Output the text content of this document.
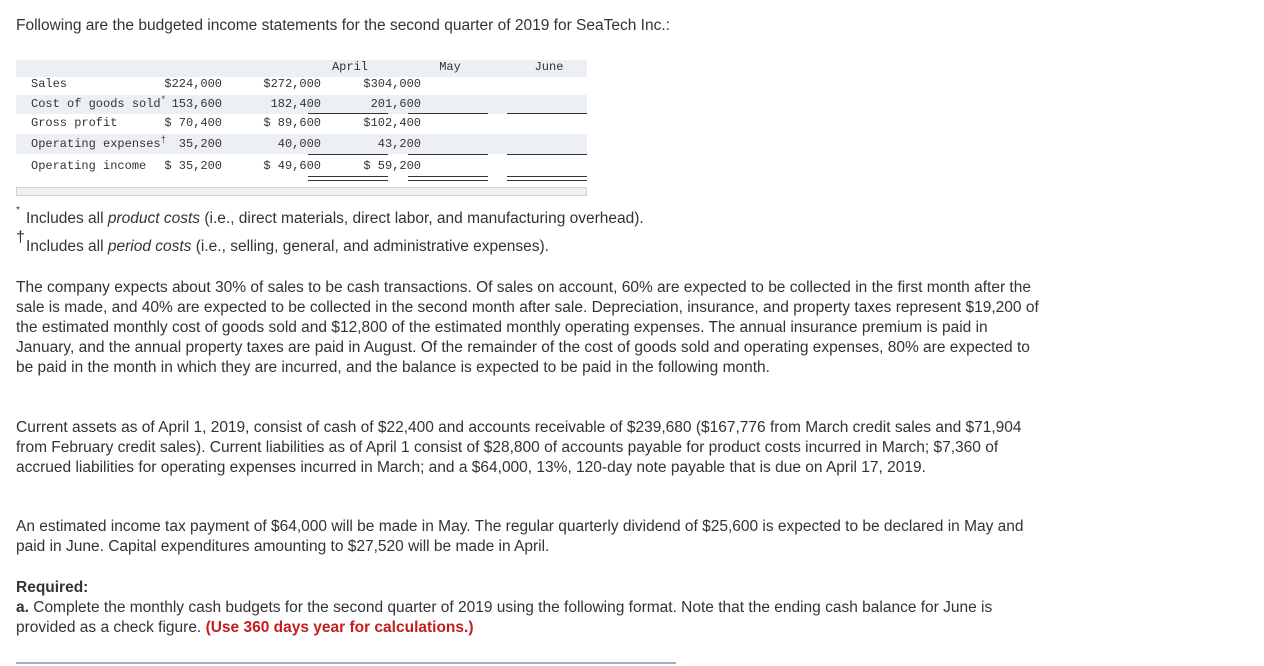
Following are the budgeted income statements for the second quarter of 2019 for SeaTech Inc.:

April	May	June
Sales	$224,000	$272,000	$304,000
Cost of goods sold* 153,600	182,400	201,600
Gross profit	$ 70,400	$ 89,600	$102,400
Operating expenses†	35,200	40,000	43,200
Operating income	$ 35,200	$ 49,600	$ 59,200
* Includes all product costs (i.e., direct materials, direct labor, and manufacturing overhead).
†
Includes all period costs (i.e., selling, general, and administrative expenses).

The company expects about 30% of sales to be cash transactions. Of sales on account, 60% are expected to be collected in the first month after the sale is made, and 40% are expected to be collected in the second month after sale. Depreciation, insurance, and property taxes represent $19,200 of the estimated monthly cost of goods sold and $12,800 of the estimated monthly operating expenses. The annual insurance premium is paid in January, and the annual property taxes are paid in August. Of the remainder of the cost of goods sold and operating expenses, 80% are expected to be paid in the month in which they are incurred, and the balance is expected to be paid in the following month.

Current assets as of April 1, 2019, consist of cash of $22,400 and accounts receivable of $239,680 ($167,776 from March credit sales and $71,904 from February credit sales). Current liabilities as of April 1 consist of $28,800 of accounts payable for product costs incurred in March; $7,360 of accrued liabilities for operating expenses incurred in March; and a $64,000, 13%, 120-day note payable that is due on April 17, 2019.

An estimated income tax payment of $64,000 will be made in May. The regular quarterly dividend of $25,600 is expected to be declared in May and paid in June. Capital expenditures amounting to $27,520 will be made in April.

Required:
a. Complete the monthly cash budgets for the second quarter of 2019 using the following format. Note that the ending cash balance for June is provided as a check figure. (Use 360 days year for calculations.)
